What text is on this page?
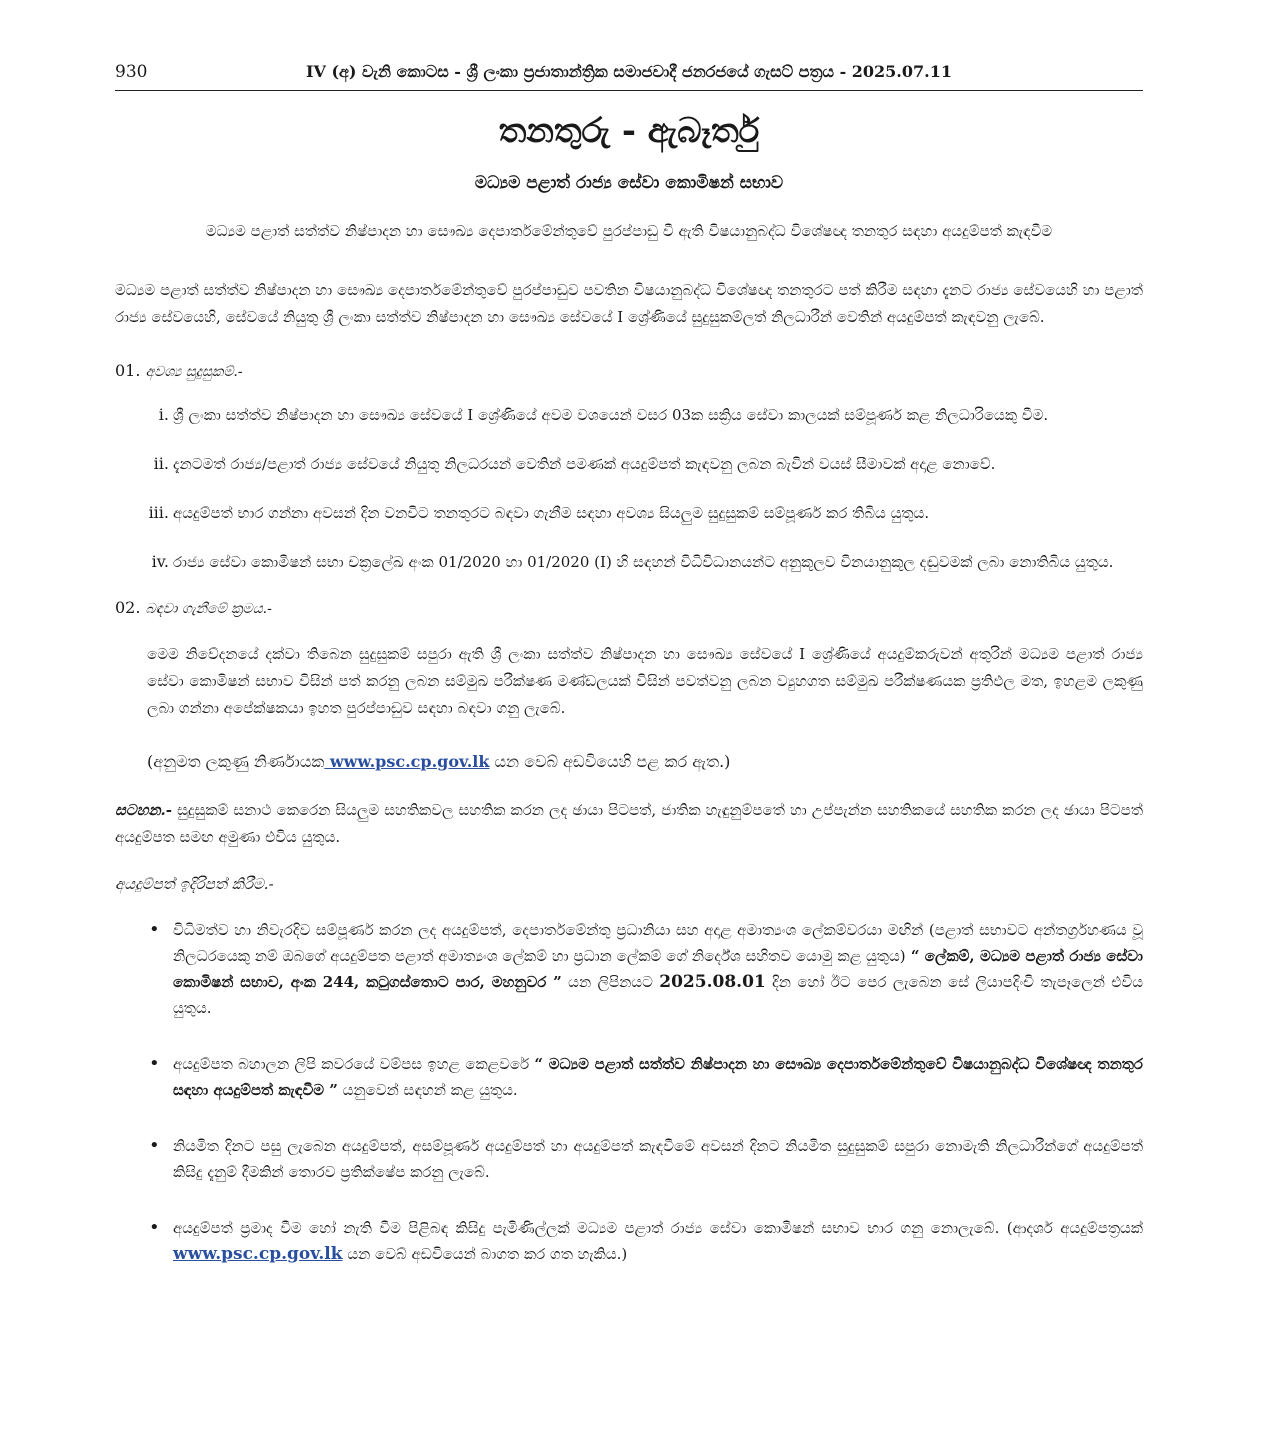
930	IV (අ) වැනි කොටස - ශ්‍රී ලංකා ප්‍රජාතාන්ත්‍රික සමාජවාදී ජනරජයේ ගැසට් පත්‍රය - 2025.07.11
තනතුරු - ඇබෑර්තු
මධ්‍යම පළාත් රාජ්‍ය සේවා කොමිෂන් සභාව
මධ්‍යම පළාත් සත්ත්ව නිෂ්පාදන හා සෞඛ්‍ය දෙපාර්තමේන්තුවේ පුරප්පාඩු වී ඇති විෂයානුබද්ධ විශේෂඥ තනතුර සඳහා අයදුම්පත් කැඳවීම

මධ්‍යම පළාත් සත්ත්ව නිෂ්පාදන හා සෞඛ්‍ය දෙපාර්තමේන්තුවේ පුරප්පාඩුව පවතින විෂයානුබද්ධ විශේෂඥ තනතුරට පත් කිරීම සඳහා දැනට රාජ්‍ය සේවයෙහි හා පළාත් රාජ්‍ය සේවයෙහි, සේවයේ නියුතු ශ්‍රී ලංකා සත්ත්ව නිෂ්පාදන හා සෞඛ්‍ය සේවයේ I ශ්‍රේණියේ සුදුසුකම්ලත් නිලධාරීන් වෙතින් අයදුම්පත් කැඳවනු ලැබේ.

01. අවශ්‍ය සුදුසුකම්.-
i. ශ්‍රී ලංකා සත්ත්ව නිෂ්පාදන හා සෞඛ්‍ය සේවයේ I ශ්‍රේණියේ අවම වශයෙන් වසර 03ක සක්‍රිය සේවා කාලයක් සම්පූර්ණ කළ නිලධාරියෙකු වීම.
ii. දැනටමත් රාජ්‍ය/පළාත් රාජ්‍ය සේවයේ නියුතු නිලධරයන් වෙතින් පමණක් අයදුම්පත් කැඳවනු ලබන බැවින් වයස් සීමාවක් අදාළ නොවේ.
iii. අයදුම්පත් භාර ගන්නා අවසන් දින වනවිට තනතුරට බඳවා ගැනීම සඳහා අවශ්‍ය සියලුම සුදුසුකම් සම්පූර්ණ කර තිබිය යුතුය.
iv. රාජ්‍ය සේවා කොමිෂන් සභා චක්‍රලේඛ අංක 01/2020 හා 01/2020 (I) හි සඳහන් විධිවිධානයන්ට අනුකූලව විනයානුකූල දඬුවමක් ලබා නොතිබිය යුතුය.
02. බඳවා ගැනීමේ ක්‍රමය.-

මෙම නිවේදනයේ දක්වා තිබෙන සුදුසුකම් සපුරා ඇති ශ්‍රී ලංකා සත්ත්ව නිෂ්පාදන හා සෞඛ්‍ය සේවයේ I ශ්‍රේණියේ අයදුම්කරුවන් අතුරින් මධ්‍යම පළාත් රාජ්‍ය සේවා කොමිෂන් සභාව විසින් පත් කරනු ලබන සම්මුඛ පරීක්ෂණ මණ්ඩලයක් විසින් පවත්වනු ලබන ව්‍යුහගත සම්මුඛ පරීක්ෂණයක ප්‍රතිඵල මත, ඉහළම ලකුණු ලබා ගන්නා අපේක්ෂකයා ඉහත පුරප්පාඩුව සඳහා බඳවා ගනු ලැබේ.

(අනුමත ලකුණු නිර්ණායක www.psc.cp.gov.lk යන වෙබ් අඩවියෙහි පළ කර ඇත.)

සටහන.- සුදුසුකම් සනාථ කෙරෙන සියලුම සහතිකවල සහතික කරන ලද ඡායා පිටපත්, ජාතික හැඳුනුම්පතේ හා උප්පැන්න සහතිකයේ සහතික කරන ලද ඡායා පිටපත් අයදුම්පත සමඟ අමුණා එවිය යුතුය.

අයදුම්පත් ඉදිරිපත් කිරීම.-
• විධිමත්ව හා නිවැරදිව සම්පූර්ණ කරන ලද අයදුම්පත්, දෙපාර්තමේන්තු ප්‍රධානියා සහ අදාළ අමාත්‍යංශ ලේකම්වරයා මඟින් (පළාත් සභාවට අන්තර්ග්‍රහණය වූ නිලධරයෙකු නම් ඔබගේ අයදුම්පත පළාත් අමාත්‍යංශ ලේකම් හා ප්‍රධාන ලේකම් ගේ නිර්දේශ සහිතව යොමු කළ යුතුය) “ ලේකම්, මධ්‍යම පළාත් රාජ්‍ය සේවා කොමිෂන් සභාව, අංක 244, කටුගස්තොට පාර, මහනුවර ” යන ලිපිනයට 2025.08.01 දින හෝ ඊට පෙර ලැබෙන සේ ලියාපදිංචි තැපෑලෙන් එවිය යුතුය.
• අයදුම්පත බහාලන ලිපි කවරයේ වම්පස ඉහළ කෙළවරේ “ මධ්‍යම පළාත් සත්ත්ව නිෂ්පාදන හා සෞඛ්‍ය දෙපාර්තමේන්තුවේ විෂයානුබද්ධ විශේෂඥ තනතුර සඳහා අයදුම්පත් කැඳවීම ” යනුවෙන් සඳහන් කළ යුතුය.
• නියමිත දිනට පසු ලැබෙන අයදුම්පත්, අසම්පූර්ණ අයදුම්පත් හා අයදුම්පත් කැඳවීමේ අවසන් දිනට නියමිත සුදුසුකම් සපුරා නොමැති නිලධාරීන්ගේ අයදුම්පත් කිසිදු දැනුම් දීමකින් තොරව ප්‍රතික්ෂේප කරනු ලැබේ.
• අයදුම්පත් ප්‍රමාද වීම හෝ නැති වීම පිළිබඳ කිසිදු පැමිණිල්ලක් මධ්‍යම පළාත් රාජ්‍ය සේවා කොමිෂන් සභාව භාර ගනු නොලැබේ. (ආදර්ශ අයදුම්පත්‍රයක් www.psc.cp.gov.lk යන වෙබ් අඩවියෙන් බාගත කර ගත හැකිය.)
